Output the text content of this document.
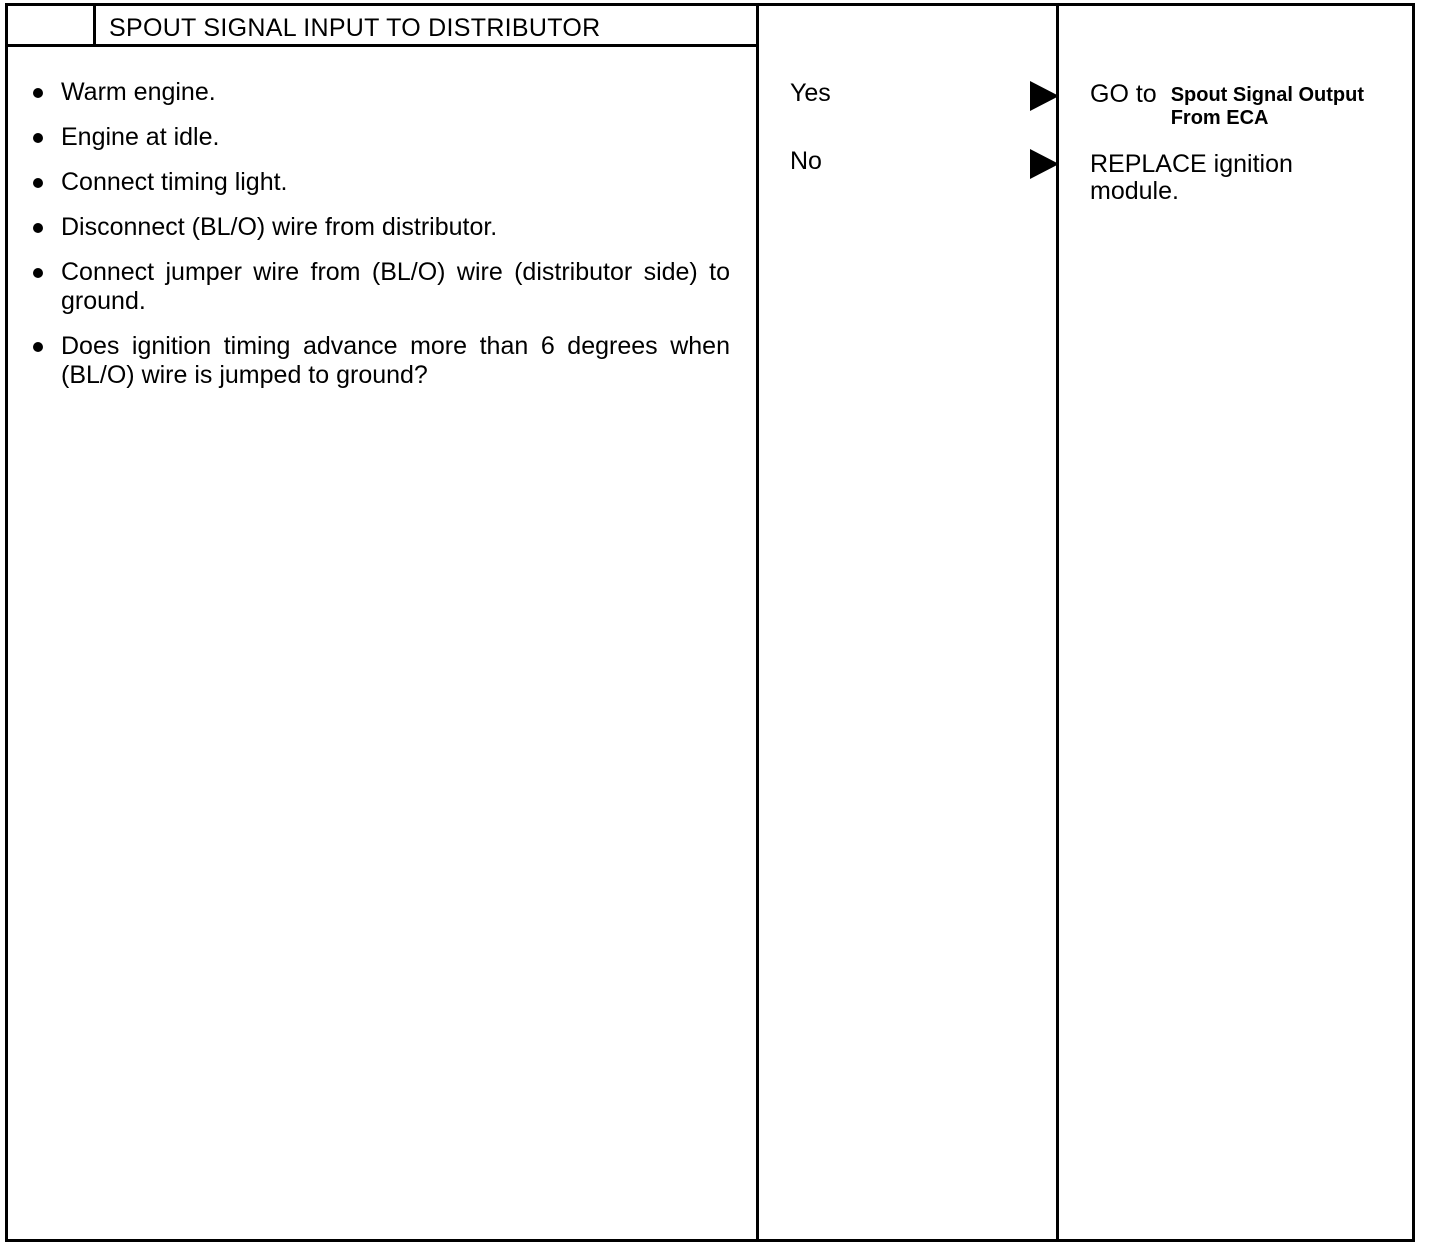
SPOUT SIGNAL INPUT TO DISTRIBUTOR
Warm engine.
Engine at idle.
Connect timing light.
Disconnect (BL/O) wire from distributor.
Connect jumper wire from (BL/O) wire (distributor side) to ground.
Does ignition timing advance more than 6 degrees when (BL/O) wire is jumped to ground?
Yes
No
GO to Spout Signal Output
From ECA
REPLACE ignition
module.
